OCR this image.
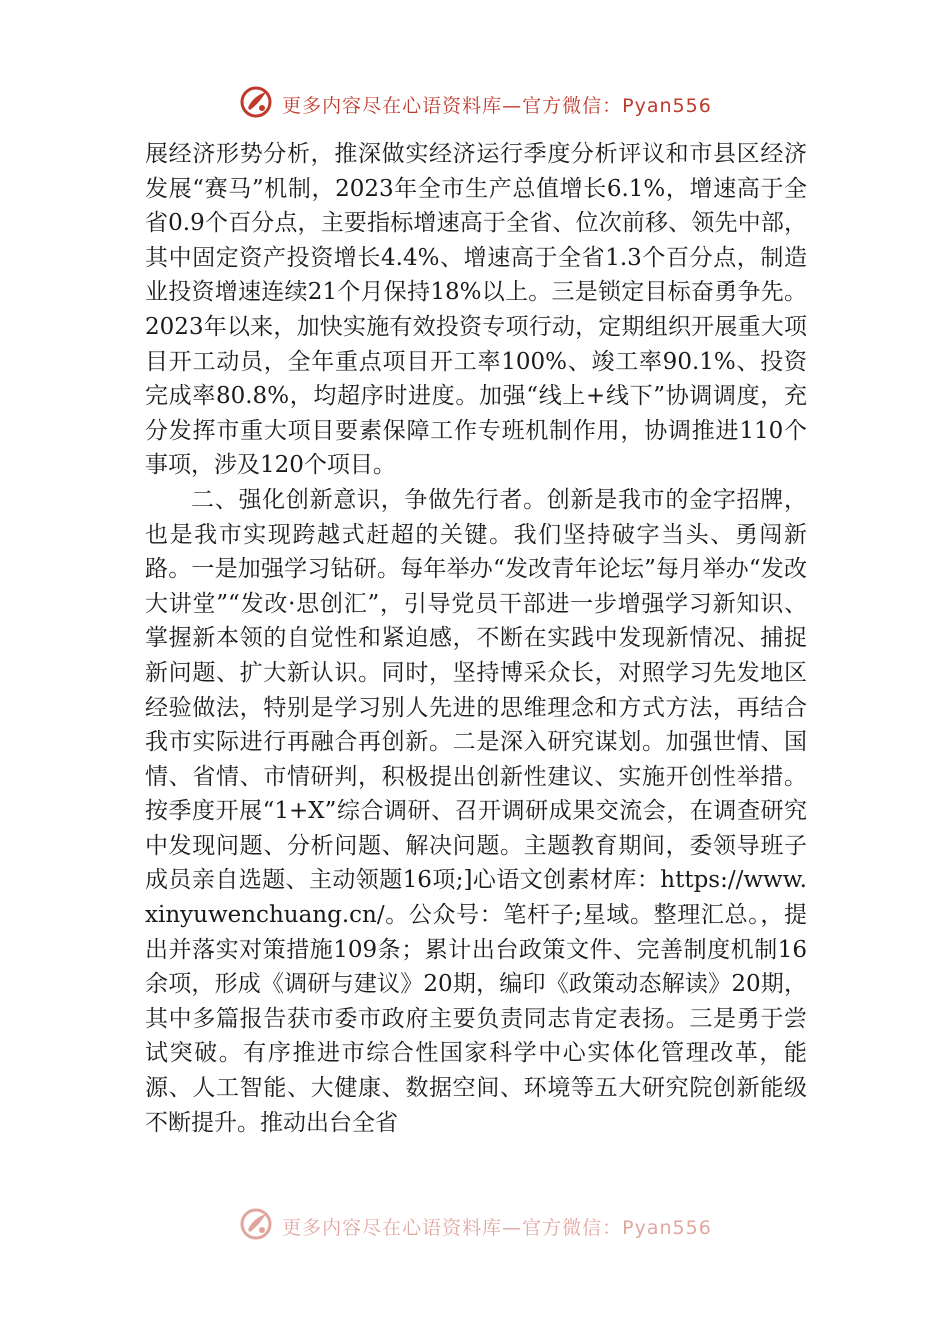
更多内容尽在心语资料库—官方微信：Pyan556

展经济形势分析，推深做实经济运行季度分析评议和市县区经济发展“赛马”机制，2023年全市生产总值增长6.1%，增速高于全省0.9个百分点，主要指标增速高于全省、位次前移、领先中部，其中固定资产投资增长4.4%、增速高于全省1.3个百分点，制造业投资增速连续21个月保持18%以上。三是锁定目标奋勇争先。2023年以来，加快实施有效投资专项行动，定期组织开展重大项目开工动员，全年重点项目开工率100%、竣工率90.1%、投资完成率80.8%，均超序时进度。加强“线上+线下”协调调度，充分发挥市重大项目要素保障工作专班机制作用，协调推进110个事项，涉及120个项目。

二、强化创新意识，争做先行者。创新是我市的金字招牌，也是我市实现跨越式赶超的关键。我们坚持破字当头、勇闯新路。一是加强学习钻研。每年举办“发改青年论坛”每月举办“发改大讲堂”“发改·思创汇”，引导党员干部进一步增强学习新知识、掌握新本领的自觉性和紧迫感，不断在实践中发现新情况、捕捉新问题、扩大新认识。同时，坚持博采众长，对照学习先发地区经验做法，特别是学习别人先进的思维理念和方式方法，再结合我市实际进行再融合再创新。二是深入研究谋划。加强世情、国情、省情、市情研判，积极提出创新性建议、实施开创性举措。按季度开展“1+X”综合调研、召开调研成果交流会，在调查研究中发现问题、分析问题、解决问题。主题教育期间，委领导班子成员亲自选题、主动领题16项;]心语文创素材库：https://www.xinyuwenchuang.cn/。公众号：笔杆子;星域。整理汇总。，提出并落实对策措施109条；累计出台政策文件、完善制度机制16余项，形成《调研与建议》20期，编印《政策动态解读》20期，其中多篇报告获市委市政府主要负责同志肯定表扬。三是勇于尝试突破。有序推进市综合性国家科学中心实体化管理改革，能源、人工智能、大健康、数据空间、环境等五大研究院创新能级不断提升。推动出台全省

更多内容尽在心语资料库—官方微信：Pyan556
